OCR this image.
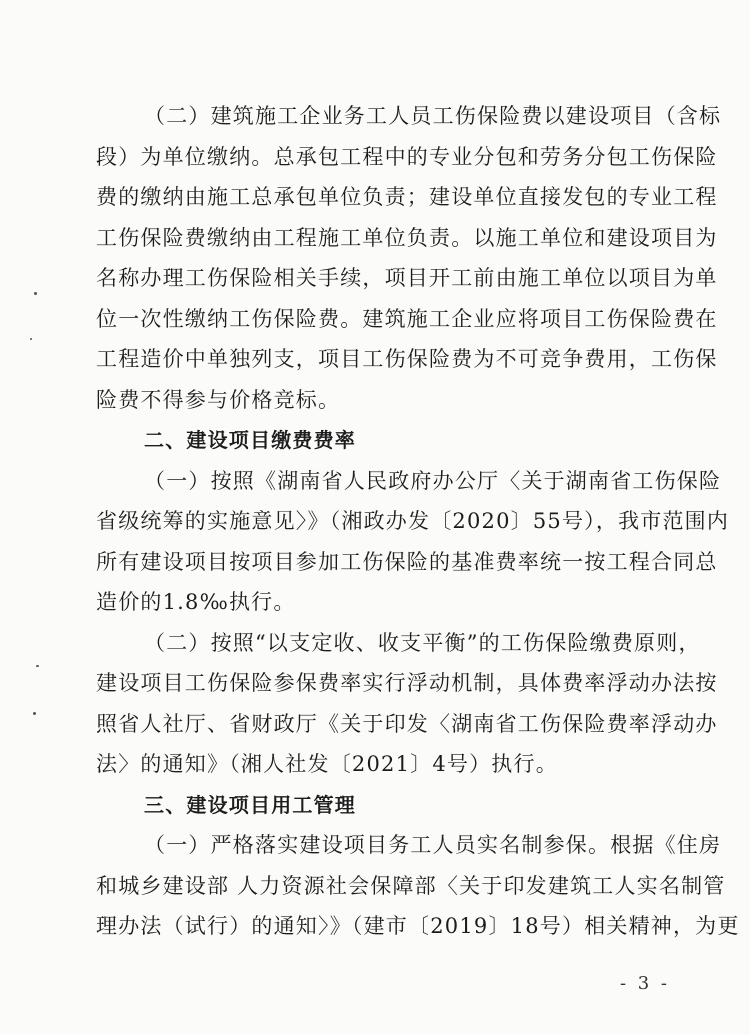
（二）建筑施工企业务工人员工伤保险费以建设项目（含标
段）为单位缴纳。总承包工程中的专业分包和劳务分包工伤保险
费的缴纳由施工总承包单位负责；建设单位直接发包的专业工程
工伤保险费缴纳由工程施工单位负责。以施工单位和建设项目为
名称办理工伤保险相关手续，项目开工前由施工单位以项目为单
位一次性缴纳工伤保险费。建筑施工企业应将项目工伤保险费在
工程造价中单独列支，项目工伤保险费为不可竞争费用，工伤保
险费不得参与价格竞标。
二、建设项目缴费费率
（一）按照《湖南省人民政府办公厅〈关于湖南省工伤保险
省级统筹的实施意见〉》（湘政办发〔2020〕55号），我市范围内
所有建设项目按项目参加工伤保险的基准费率统一按工程合同总
造价的1.8‰执行。
（二）按照“以支定收、收支平衡”的工伤保险缴费原则，
建设项目工伤保险参保费率实行浮动机制，具体费率浮动办法按
照省人社厅、省财政厅《关于印发〈湖南省工伤保险费率浮动办
法〉的通知》（湘人社发〔2021〕4号）执行。
三、建设项目用工管理
（一）严格落实建设项目务工人员实名制参保。根据《住房
和城乡建设部 人力资源社会保障部〈关于印发建筑工人实名制管
理办法（试行）的通知〉》（建市〔2019〕18号）相关精神，为更
- 3 -
